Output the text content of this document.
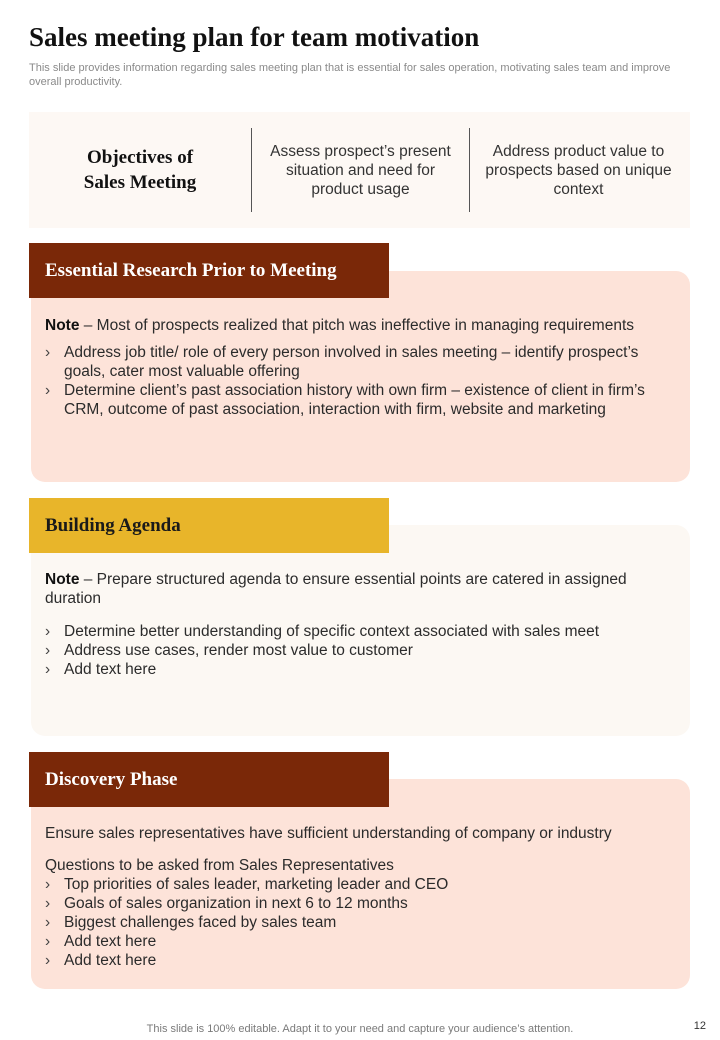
Sales meeting plan for team motivation

This slide provides information regarding sales meeting plan that is essential for sales operation, motivating sales team and improve overall productivity.

Objectives of
Sales Meeting
Assess prospect’s present situation and need for product usage
Address product value to prospects based on unique context

Note – Most of prospects realized that pitch was ineffective in managing requirements

› Address job title/ role of every person involved in sales meeting – identify prospect’s goals, cater most valuable offering
› Determine client’s past association history with own firm – existence of client in firm’s CRM, outcome of past association, interaction with firm, website and marketing
Essential Research Prior to Meeting

Note – Prepare structured agenda to ensure essential points are catered in assigned duration

› Determine better understanding of specific context associated with sales meet
› Address use cases, render most value to customer
› Add text here
Building Agenda

Ensure sales representatives have sufficient understanding of company or industry

Questions to be asked from Sales Representatives

› Top priorities of sales leader, marketing leader and CEO
› Goals of sales organization in next 6 to 12 months
› Biggest challenges faced by sales team
› Add text here
› Add text here
Discovery Phase
This slide is 100% editable. Adapt it to your need and capture your audience’s attention.	12
